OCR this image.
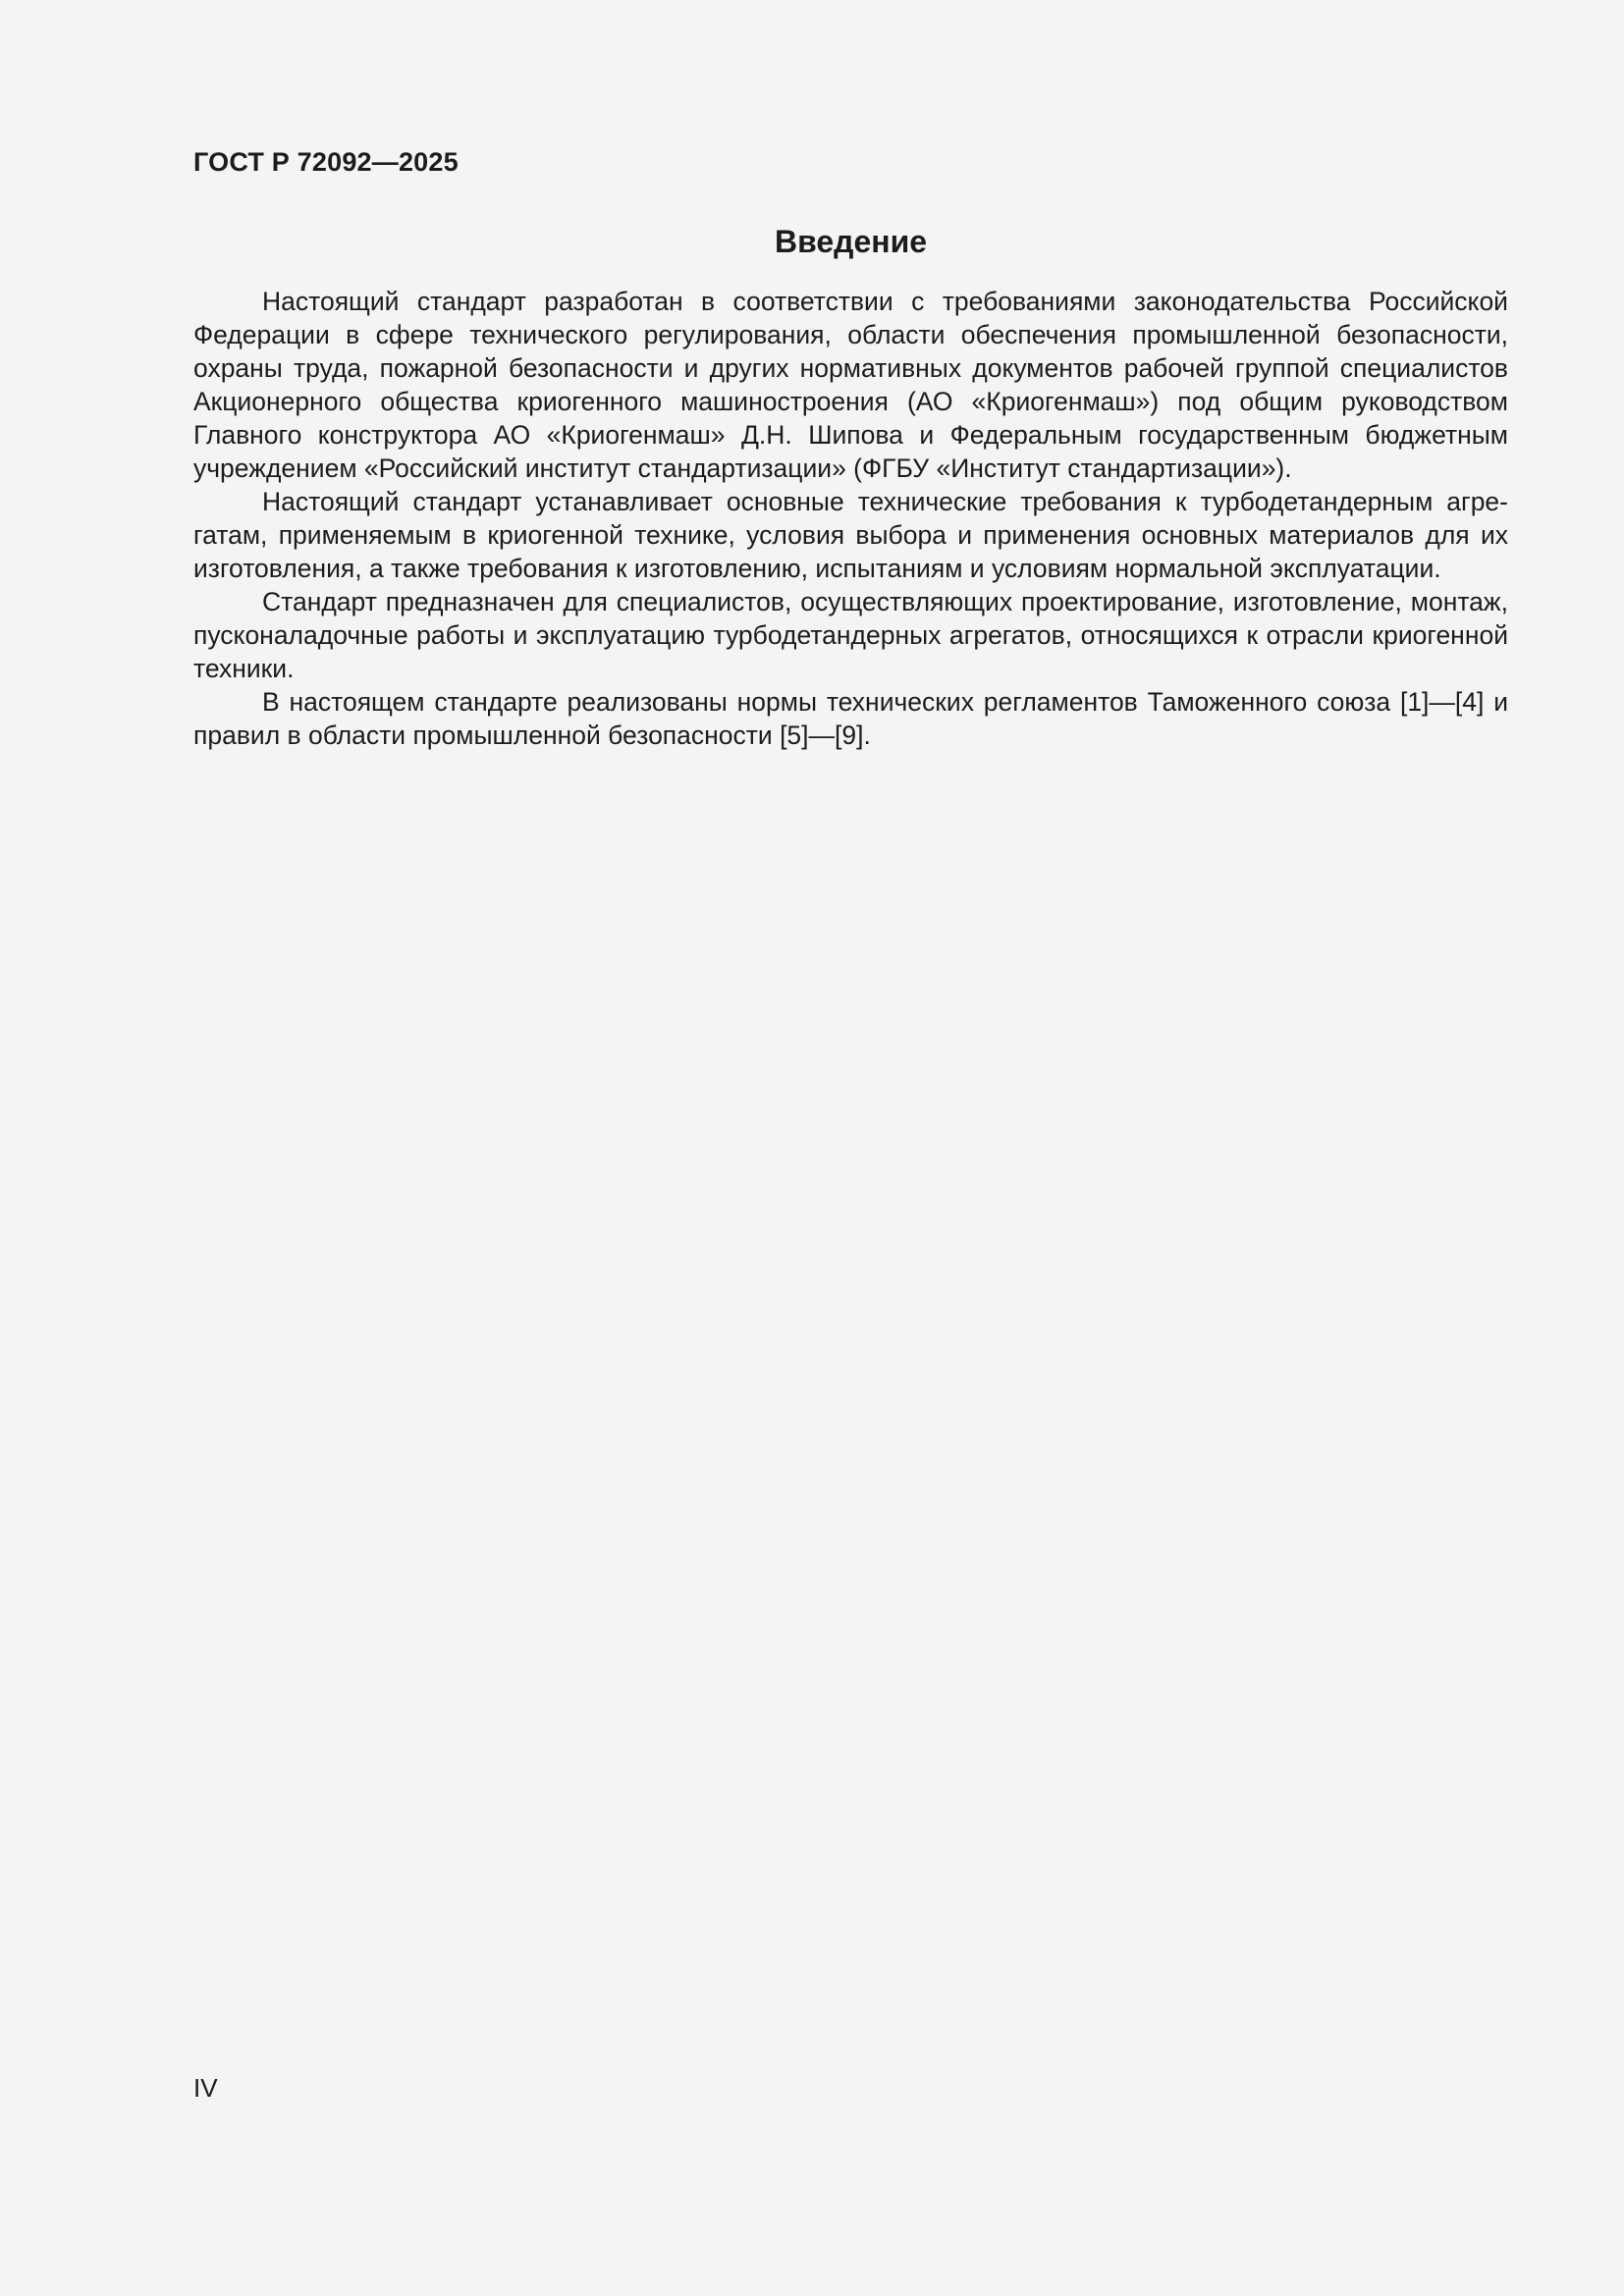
ГОСТ Р 72092—2025
Введение

Настоящий стандарт разработан в соответствии с требованиями законодательства Российской Федерации в сфере технического регулирования, области обеспечения промышленной безопасности, охраны труда, пожарной безопасности и других нормативных документов рабочей группой специалистов Акционерного общества криогенного машиностроения (АО «Криогенмаш») под общим руководством Главного конструктора АО «Криогенмаш» Д.Н. Шипова и Федеральным государственным бюджетным учреждением «Российский институт стандартизации» (ФГБУ «Институт стандартизации»).

Настоящий стандарт устанавливает основные технические требования к турбодетандерным агрегатам, применяемым в криогенной технике, условия выбора и применения основных материалов для их изготовления, а также требования к изготовлению, испытаниям и условиям нормальной эксплуатации.

Стандарт предназначен для специалистов, осуществляющих проектирование, изготовление, монтаж, пусконаладочные работы и эксплуатацию турбодетандерных агрегатов, относящихся к отрасли криогенной техники.

В настоящем стандарте реализованы нормы технических регламентов Таможенного союза [1]—[4] и правил в области промышленной безопасности [5]—[9].

IV
